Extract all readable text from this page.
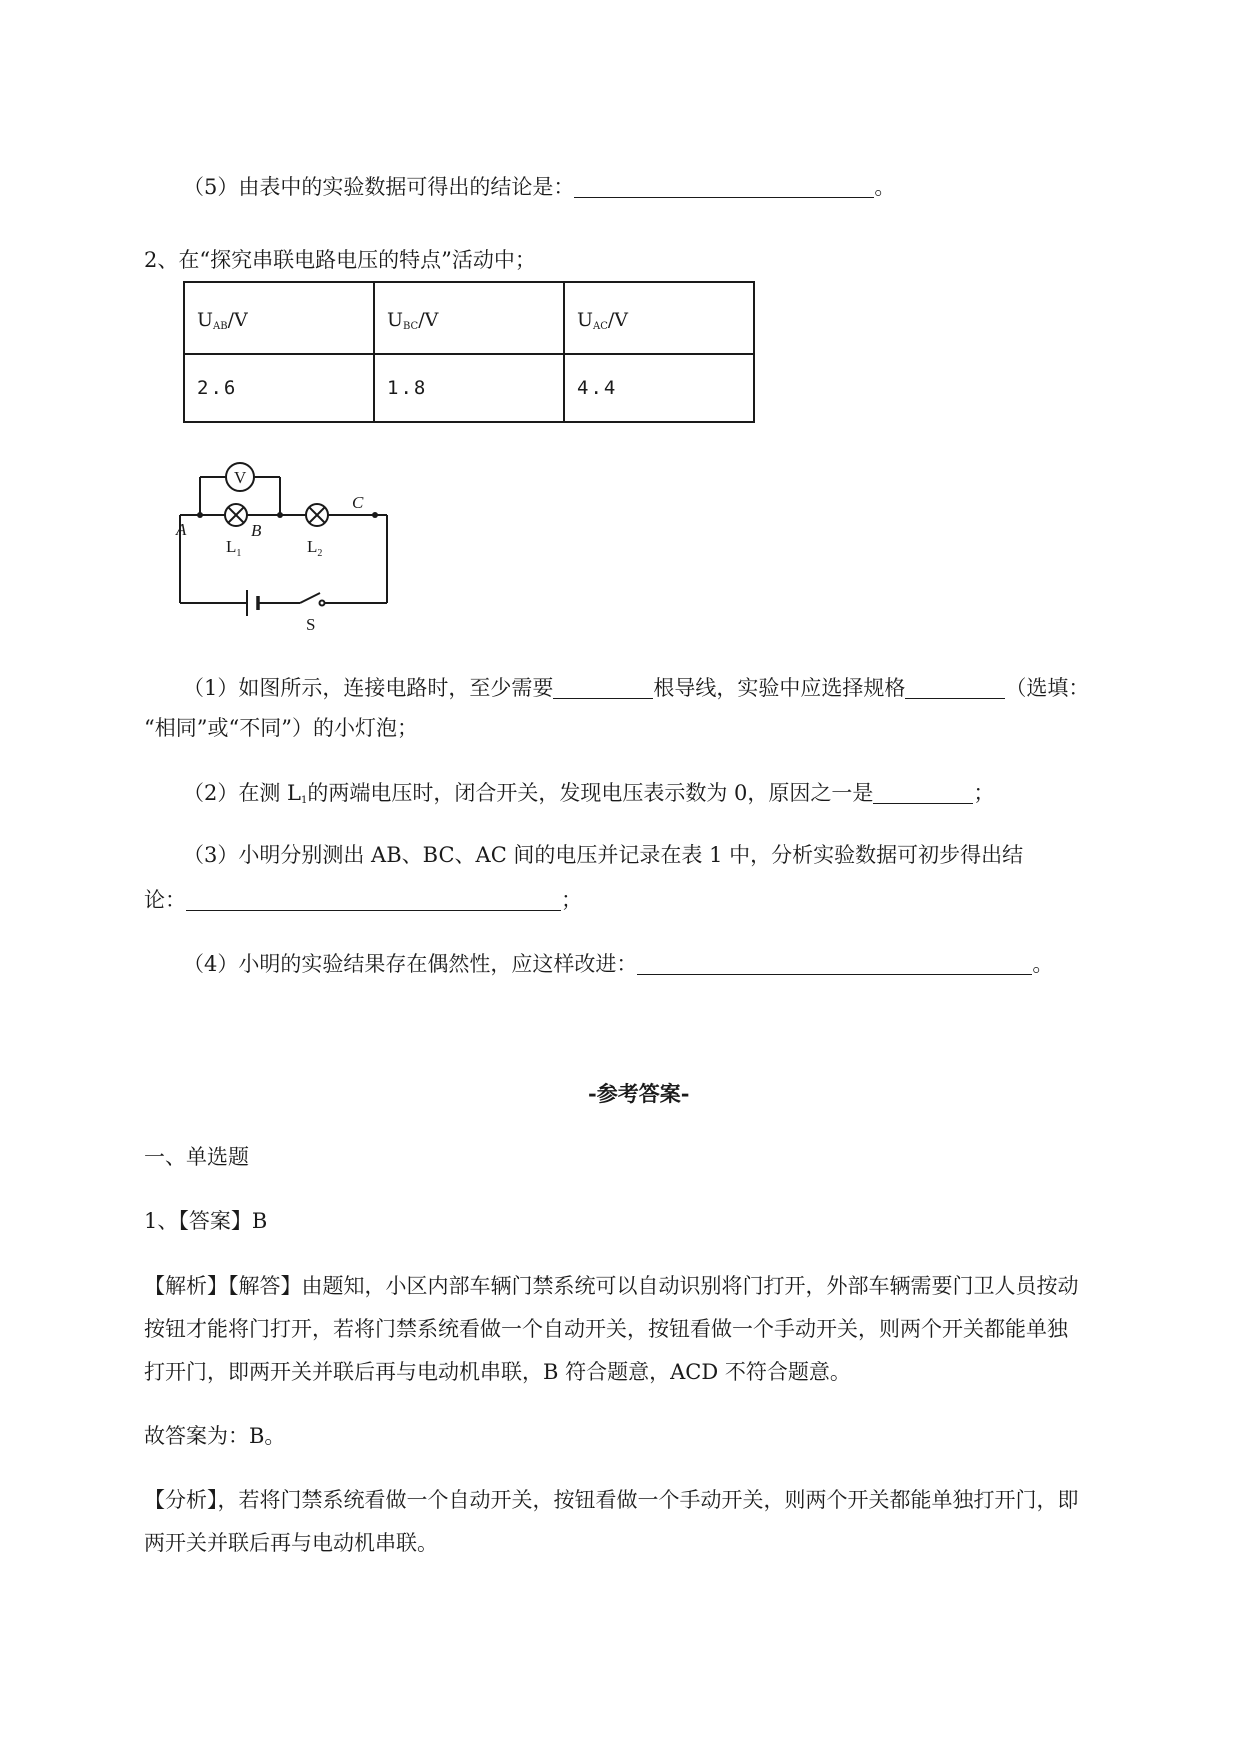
（5）由表中的实验数据可得出的结论是：	。
2、在“探究串联电路电压的特点”活动中；
$U_{AB}/V$	$U_{BC}/V$	$U_{AC}/V$
2.6	1.8	4.4
V
A	B
C
$L_1$	$L_2$
S
（1）如图所示，连接电路时，至少需要	根导线，实验中应选择规格	（选填：
“相同”或“不同”）的小灯泡；
（2）在测 $L_1$的两端电压时，闭合开关，发现电压表示数为 0，原因之一是	；
（3）小明分别测出 AB、BC、AC 间的电压并记录在表 1 中，分析实验数据可初步得出结
论：	；
（4）小明的实验结果存在偶然性，应这样改进：	。
-参考答案-
一、单选题
1、【答案】B
【解析】【解答】由题知，小区内部车辆门禁系统可以自动识别将门打开，外部车辆需要门卫人员按动
按钮才能将门打开，若将门禁系统看做一个自动开关，按钮看做一个手动开关，则两个开关都能单独
打开门，即两开关并联后再与电动机串联，B 符合题意，ACD 不符合题意。
故答案为：B。
【分析】，若将门禁系统看做一个自动开关，按钮看做一个手动开关，则两个开关都能单独打开门，即
两开关并联后再与电动机串联。
